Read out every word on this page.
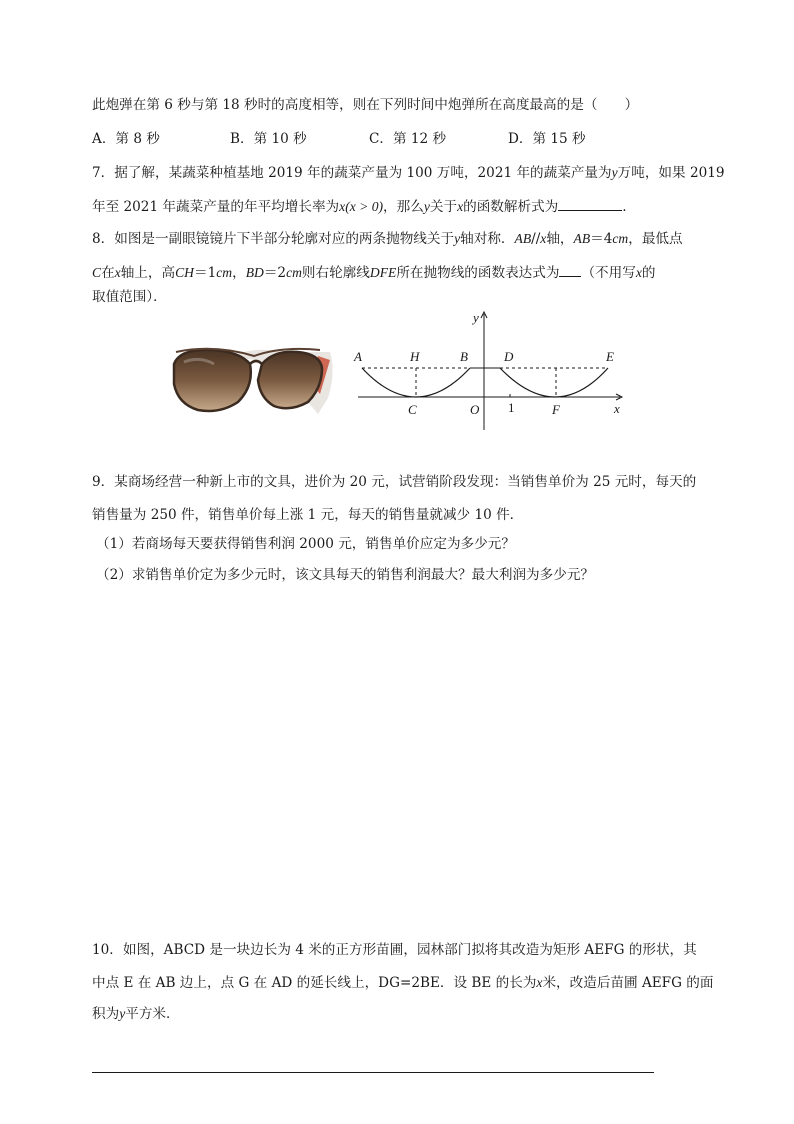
此炮弹在第 6 秒与第 18 秒时的高度相等，则在下列时间中炮弹所在高度最高的是（　　）
A．第 8 秒	B．第 10 秒	C．第 12 秒	D．第 15 秒
7．据了解，某蔬菜种植基地 2019 年的蔬菜产量为 100 万吨，2021 年的蔬菜产量为y万吨，如果 2019
年至 2021 年蔬菜产量的年平均增长率为x(x > 0)，那么y关于x的函数解析式为	.
8．如图是一副眼镜镜片下半部分轮廓对应的两条抛物线关于y轴对称．AB//x轴，AB＝4cm，最低点
C在x轴上，高CH＝1cm，BD＝2cm则右轮廓线DFE所在抛物线的函数表达式为 （不用写x的
取值范围）．
A	H	B	D	E
C	O 1	F	x
y
9．某商场经营一种新上市的文具，进价为 20 元，试营销阶段发现：当销售单价为 25 元时，每天的
销售量为 250 件，销售单价每上涨 1 元，每天的销售量就减少 10 件．
（1）若商场每天要获得销售利润 2000 元，销售单价应定为多少元？
（2）求销售单价定为多少元时，该文具每天的销售利润最大？最大利润为多少元？
10．如图，ABCD 是一块边长为 4 米的正方形苗圃，园林部门拟将其改造为矩形 AEFG 的形状，其
中点 E 在 AB 边上，点 G 在 AD 的延长线上，DG=2BE．设 BE 的长为x米，改造后苗圃 AEFG 的面
积为y平方米．
